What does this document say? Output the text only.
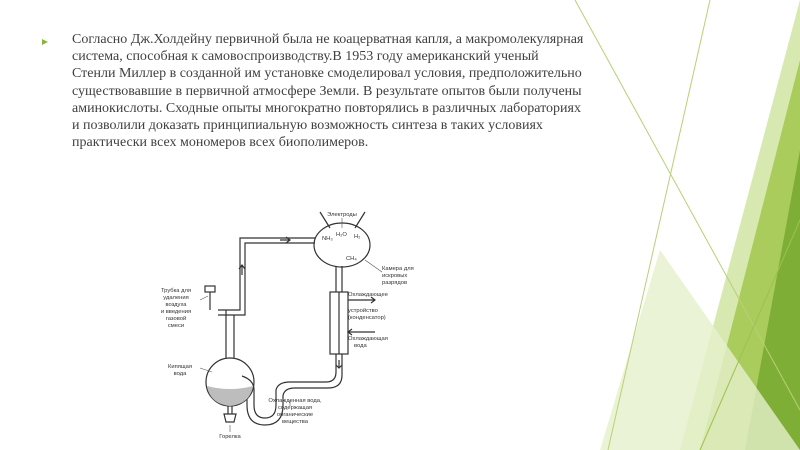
Согласно Дж.Холдейну первичной была не коацерватная капля, а макромолекулярная система, способная к самовоспроизводству.В 1953 году американский ученый Стенли Миллер в созданной им установке смоделировал условия, предположительно существовавшие в первичной атмосфере Земли. В результате опытов были получены аминокислоты. Сходные опыты многократно повторялись в различных лабораториях и позволили доказать принципиальную возможность синтеза в таких условиях практически всех мономеров всех биополимеров.

Электроды
NH₃
H₂O H₂
CH₄
Камера для
искровых
разрядов
Охлаждающее
устройство
(конденсатор)
Охлаждающая
вода
Трубка для
удаления
воздуха
и введения
газовой
смеси
Кипящая
вода
Горелка
Охлажденная вода,
содержащая
органические
вещества
